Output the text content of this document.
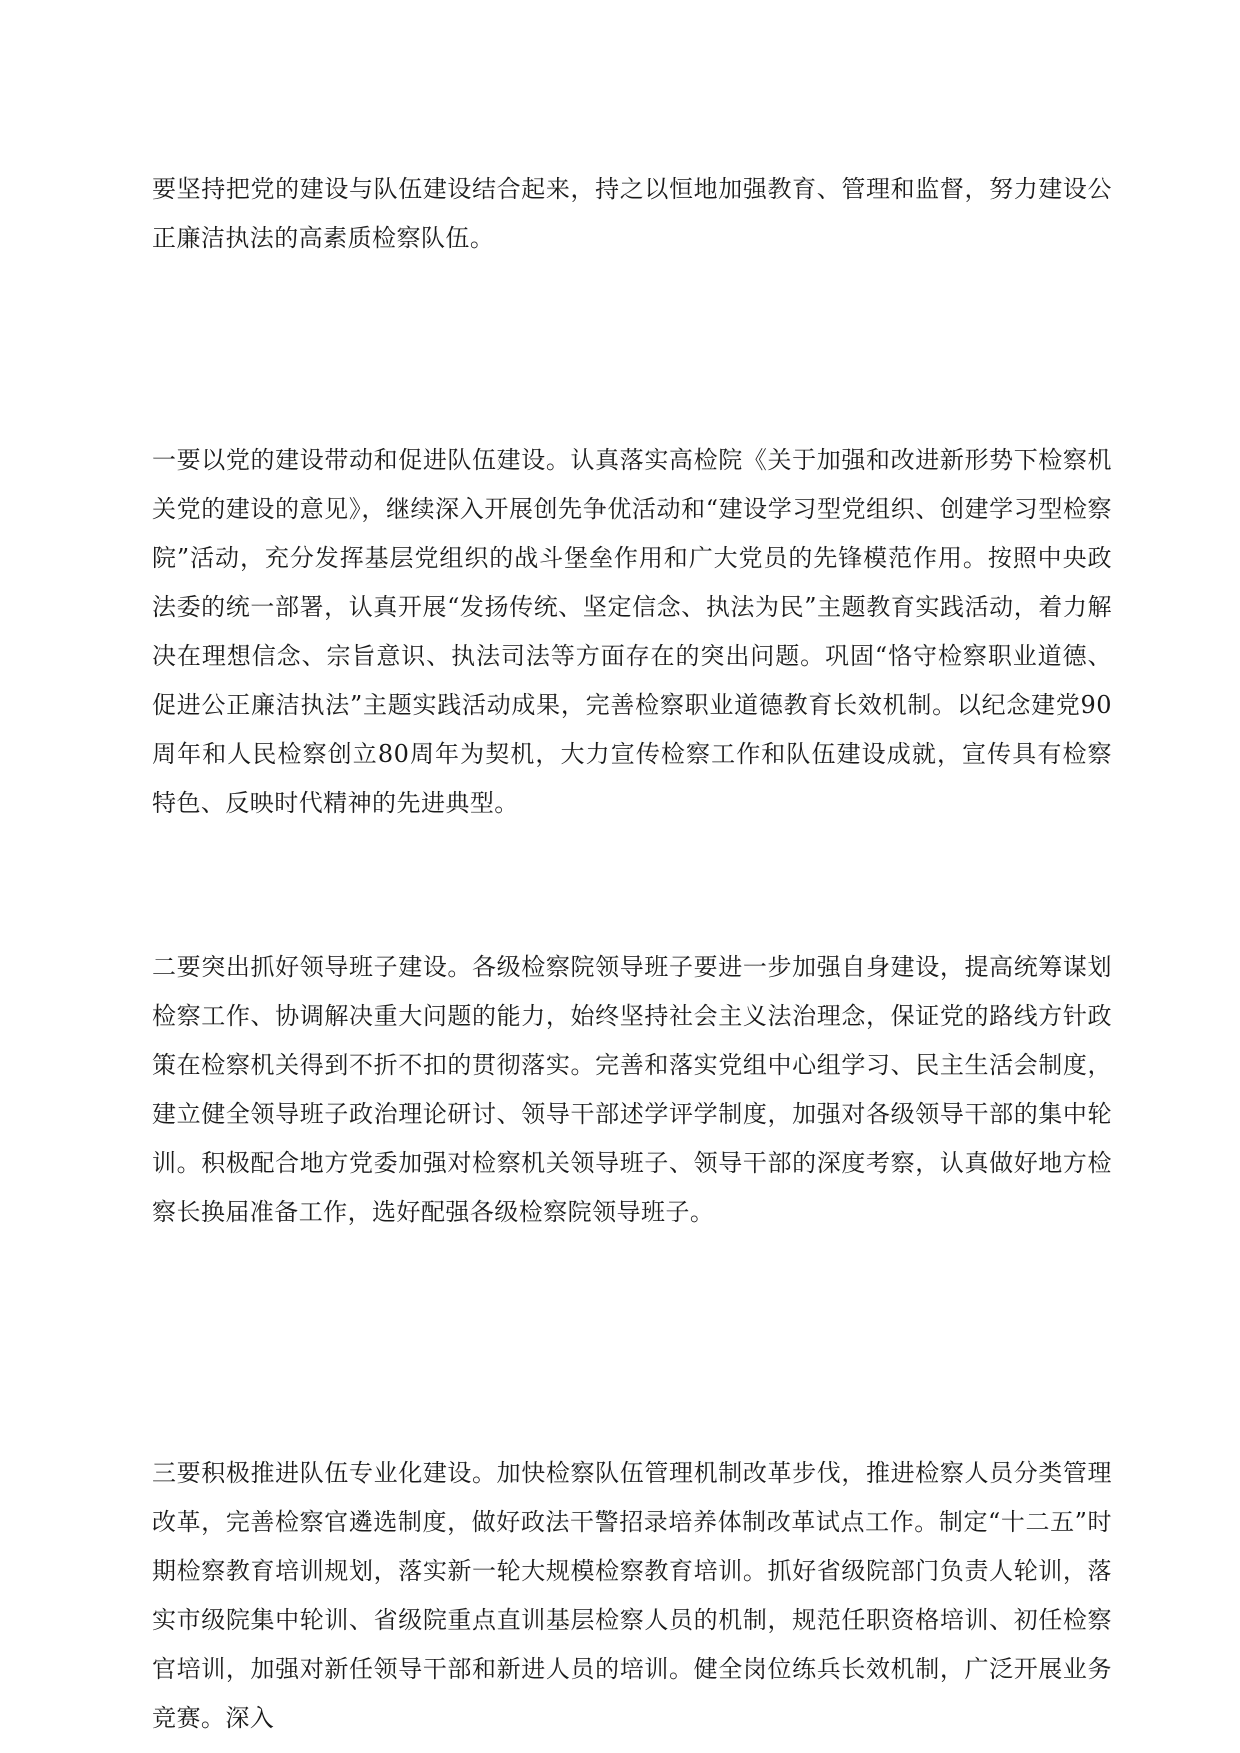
要坚持把党的建设与队伍建设结合起来，持之以恒地加强教育、管理和监督，努力建设公正廉洁执法的高素质检察队伍。

一要以党的建设带动和促进队伍建设。认真落实高检院《关于加强和改进新形势下检察机关党的建设的意见》，继续深入开展创先争优活动和“建设学习型党组织、创建学习型检察院”活动，充分发挥基层党组织的战斗堡垒作用和广大党员的先锋模范作用。按照中央政法委的统一部署，认真开展“发扬传统、坚定信念、执法为民”主题教育实践活动，着力解决在理想信念、宗旨意识、执法司法等方面存在的突出问题。巩固“恪守检察职业道德、促进公正廉洁执法”主题实践活动成果，完善检察职业道德教育长效机制。以纪念建党90周年和人民检察创立80周年为契机，大力宣传检察工作和队伍建设成就，宣传具有检察特色、反映时代精神的先进典型。

二要突出抓好领导班子建设。各级检察院领导班子要进一步加强自身建设，提高统筹谋划检察工作、协调解决重大问题的能力，始终坚持社会主义法治理念，保证党的路线方针政策在检察机关得到不折不扣的贯彻落实。完善和落实党组中心组学习、民主生活会制度，建立健全领导班子政治理论研讨、领导干部述学评学制度，加强对各级领导干部的集中轮训。积极配合地方党委加强对检察机关领导班子、领导干部的深度考察，认真做好地方检察长换届准备工作，选好配强各级检察院领导班子。

三要积极推进队伍专业化建设。加快检察队伍管理机制改革步伐，推进检察人员分类管理改革，完善检察官遴选制度，做好政法干警招录培养体制改革试点工作。制定“十二五”时期检察教育培训规划，落实新一轮大规模检察教育培训。抓好省级院部门负责人轮训，落实市级院集中轮训、省级院重点直训基层检察人员的机制，规范任职资格培训、初任检察官培训，加强对新任领导干部和新进人员的培训。健全岗位练兵长效机制，广泛开展业务竞赛。深入
